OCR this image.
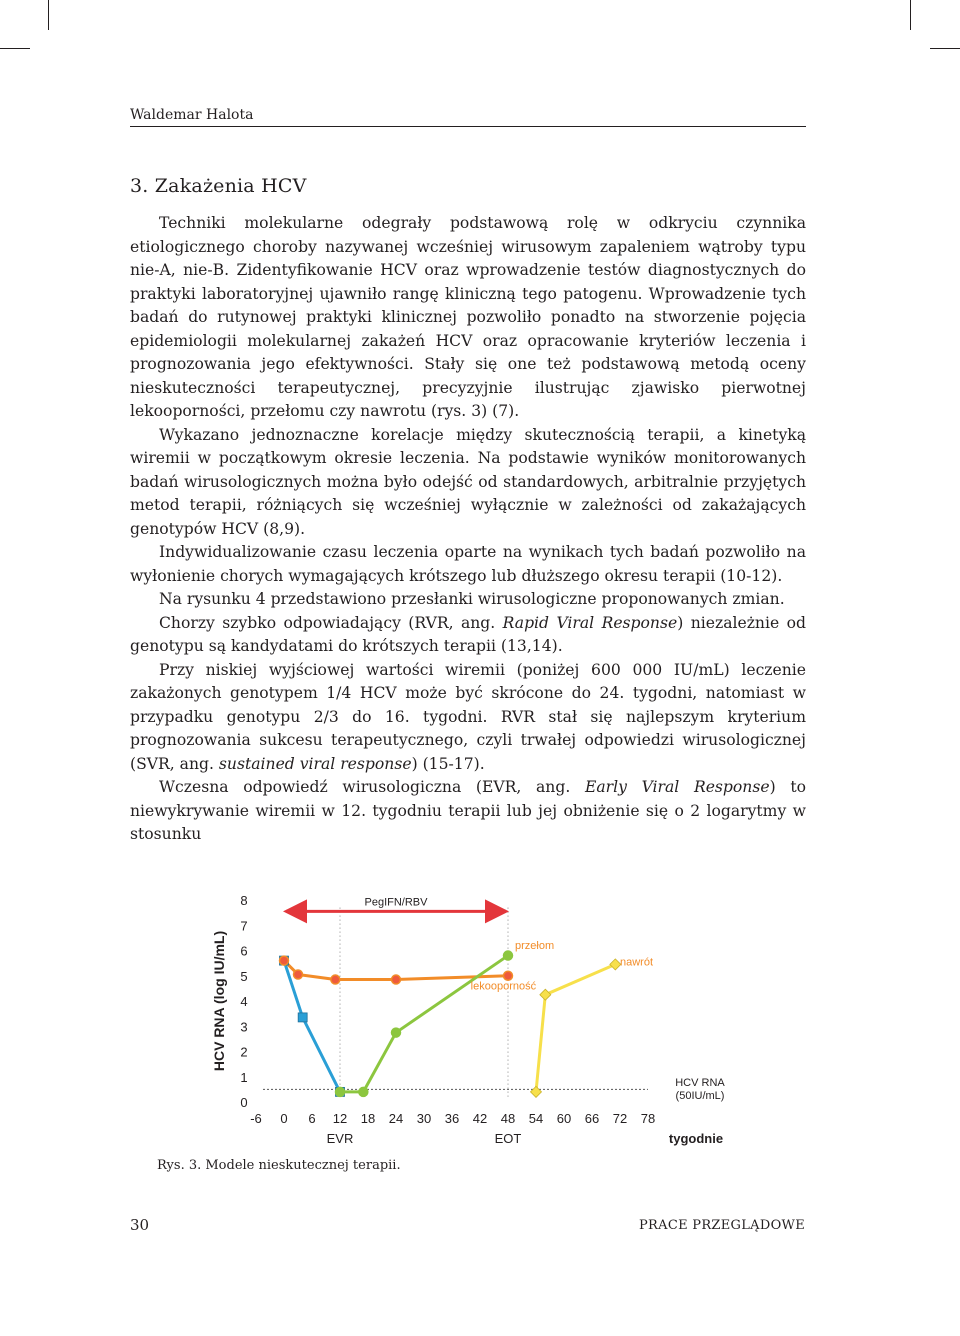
Waldemar Halota
3. Zakażenia HCV

Techniki molekularne odegrały podstawową rolę w odkryciu czynnika etiologicznego choroby nazywanej wcześniej wirusowym zapaleniem wątroby typu nie-A, nie-B. Zidentyfikowanie HCV oraz wprowadzenie testów diagnostycznych do praktyki laboratoryjnej ujawniło rangę kliniczną tego patogenu. Wprowadzenie tych badań do rutynowej praktyki klinicznej pozwoliło ponadto na stworzenie pojęcia epidemiologii molekularnej zakażeń HCV oraz opracowanie kryteriów leczenia i prognozowania jego efektywności. Stały się one też podstawową metodą oceny nieskuteczności terapeutycznej, precyzyjnie ilustrując zjawisko pierwotnej lekooporności, przełomu czy nawrotu (rys. 3) (7).

Wykazano jednoznaczne korelacje między skutecznością terapii, a kinetyką wiremii w początkowym okresie leczenia. Na podstawie wyników monitorowanych badań wirusologicznych można było odejść od standardowych, arbitralnie przyjętych metod terapii, różniących się wcześniej wyłącznie w zależności od zakażających genotypów HCV (8,9).

Indywidualizowanie czasu leczenia oparte na wynikach tych badań pozwoliło na wyłonienie chorych wymagających krótszego lub dłuższego okresu terapii (10-12).

Na rysunku 4 przedstawiono przesłanki wirusologiczne proponowanych zmian.

Chorzy szybko odpowiadający (RVR, ang. Rapid Viral Response) niezależnie od genotypu są kandydatami do krótszych terapii (13,14).

Przy niskiej wyjściowej wartości wiremii (poniżej 600 000 IU/mL) leczenie zakażonych genotypem 1/4 HCV może być skrócone do 24. tygodni, natomiast w przypadku genotypu 2/3 do 16. tygodni. RVR stał się najlepszym kryterium prognozowania sukcesu terapeutycznego, czyli trwałej odpowiedzi wirusologicznej (SVR, ang. sustained viral response) (15-17).

Wczesna odpowiedź wirusologiczna (EVR, ang. Early Viral Response) to niewykrywanie wiremii w 12. tygodniu terapii lub jej obniżenie się o 2 logarytmy w stosunku

0
1
2
3
4
5
6
7
8
-6 0 6 12 18 24 30 36 42 48 54 60 66 72 78
HCV RNA (log IU/mL)
tygodnie
EVR	EOT
HCV RNA
(50IU/mL)
PegIFN/RBV
przełom
lekooporność
nawrót
Rys. 3. Modele nieskutecznej terapii.
30	PRACE PRZEGLĄDOWE
